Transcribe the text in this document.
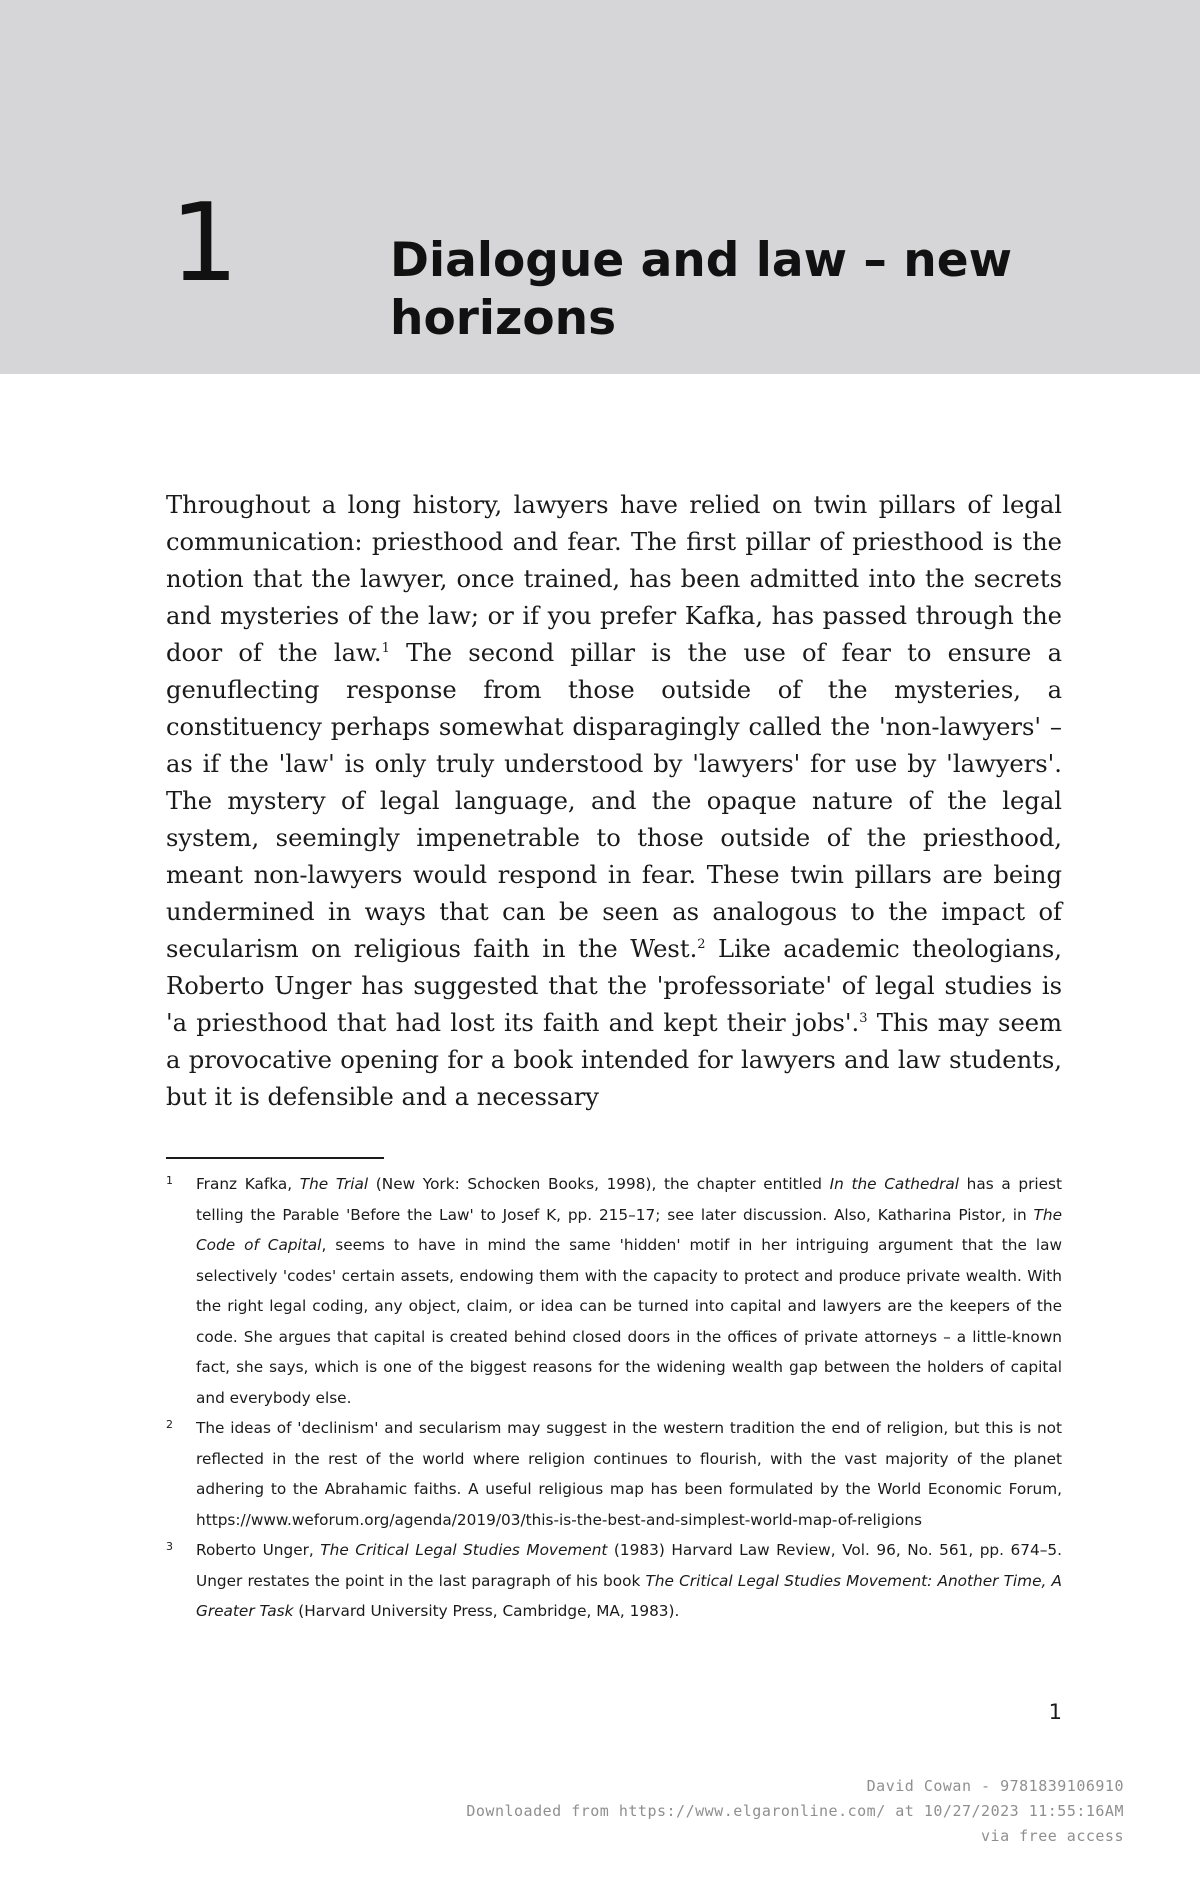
1	Dialogue and law – new horizons

Throughout a long history, lawyers have relied on twin pillars of legal communication: priesthood and fear. The first pillar of priesthood is the notion that the lawyer, once trained, has been admitted into the secrets and mysteries of the law; or if you prefer Kafka, has passed through the door of the law.$^1$ The second pillar is the use of fear to ensure a genuflecting response from those outside of the mysteries, a constituency perhaps somewhat disparagingly called the 'non-lawyers' – as if the 'law' is only truly understood by 'lawyers' for use by 'lawyers'. The mystery of legal language, and the opaque nature of the legal system, seemingly impenetrable to those outside of the priesthood, meant non-lawyers would respond in fear. These twin pillars are being undermined in ways that can be seen as analogous to the impact of secularism on religious faith in the West.$^2$ Like academic theologians, Roberto Unger has suggested that the 'professoriate' of legal studies is 'a priesthood that had lost its faith and kept their jobs'.$^3$ This may seem a provocative opening for a book intended for lawyers and law students, but it is defensible and a necessary

1 Franz Kafka, The Trial (New York: Schocken Books, 1998), the chapter entitled In the Cathedral has a priest telling the Parable 'Before the Law' to Josef K, pp. 215–17; see later discussion. Also, Katharina Pistor, in The Code of Capital, seems to have in mind the same 'hidden' motif in her intriguing argument that the law selectively 'codes' certain assets, endowing them with the capacity to protect and produce private wealth. With the right legal coding, any object, claim, or idea can be turned into capital and lawyers are the keepers of the code. She argues that capital is created behind closed doors in the offices of private attorneys – a little-known fact, she says, which is one of the biggest reasons for the widening wealth gap between the holders of capital and everybody else.
2 The ideas of 'declinism' and secularism may suggest in the western tradition the end of religion, but this is not reflected in the rest of the world where religion continues to flourish, with the vast majority of the planet adhering to the Abrahamic faiths. A useful religious map has been formulated by the World Economic Forum, https://www.weforum.org/agenda/2019/03/this-is-the-best-and-simplest-world-map-of-religions
3 Roberto Unger, The Critical Legal Studies Movement (1983) Harvard Law Review, Vol. 96, No. 561, pp. 674–5. Unger restates the point in the last paragraph of his book The Critical Legal Studies Movement: Another Time, A Greater Task (Harvard University Press, Cambridge, MA, 1983).
1
David Cowan - 9781839106910
Downloaded from https://www.elgaronline.com/ at 10/27/2023 11:55:16AM
via free access
